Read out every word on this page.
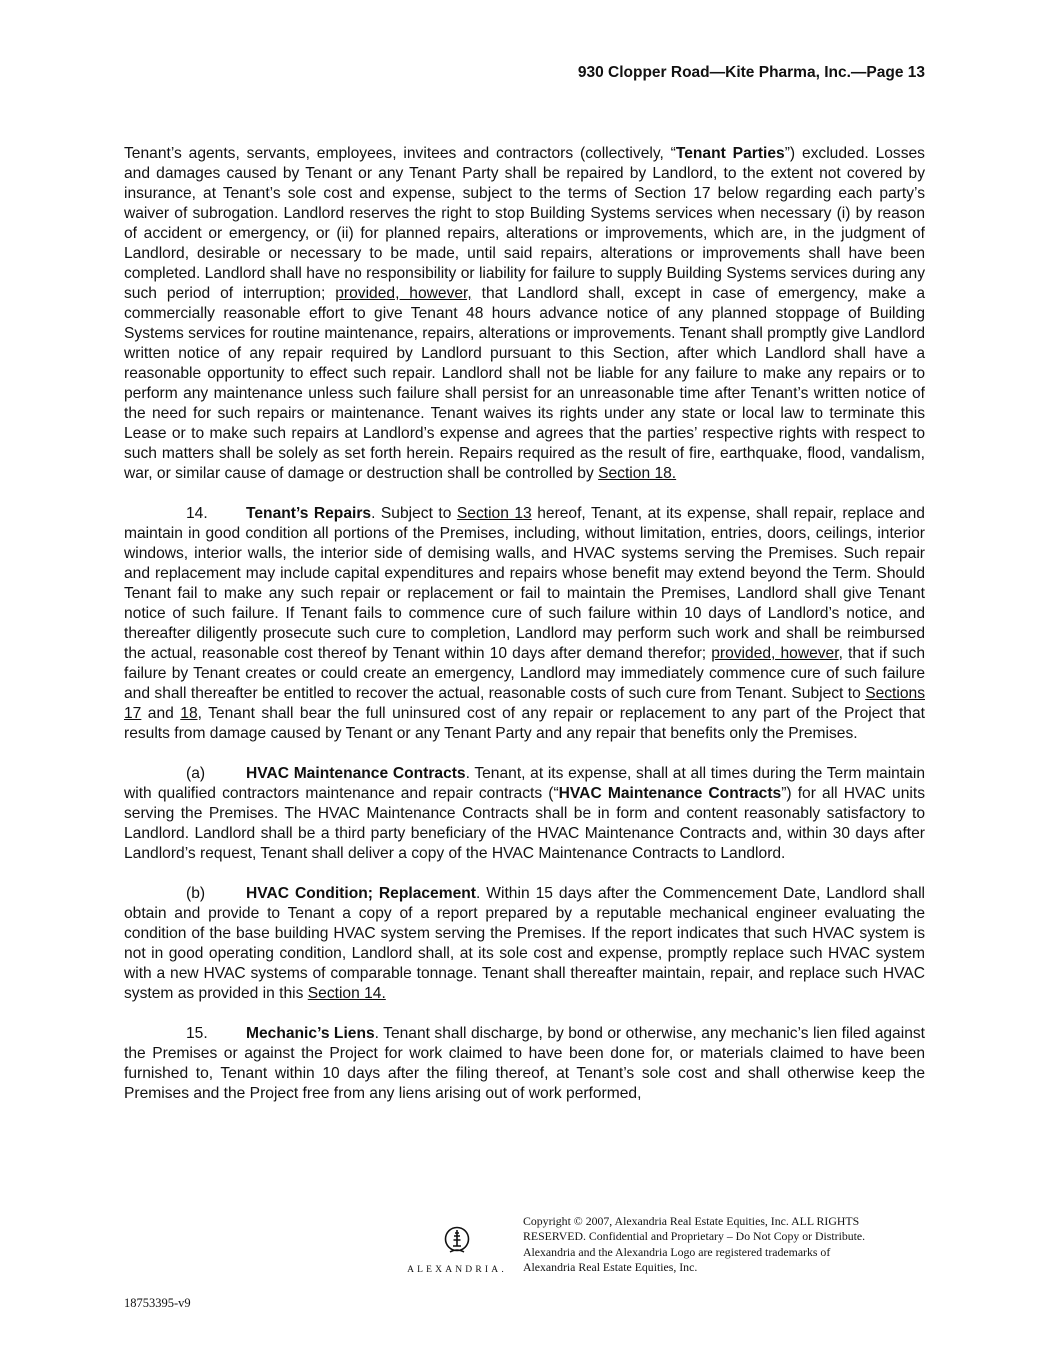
930 Clopper Road—Kite Pharma, Inc.—Page 13

Tenant’s agents, servants, employees, invitees and contractors (collectively, “Tenant Parties”) excluded. Losses and damages caused by Tenant or any Tenant Party shall be repaired by Landlord, to the extent not covered by insurance, at Tenant’s sole cost and expense, subject to the terms of Section 17 below regarding each party’s waiver of subrogation. Landlord reserves the right to stop Building Systems services when necessary (i) by reason of accident or emergency, or (ii) for planned repairs, alterations or improvements, which are, in the judgment of Landlord, desirable or necessary to be made, until said repairs, alterations or improvements shall have been completed. Landlord shall have no responsibility or liability for failure to supply Building Systems services during any such period of interruption; provided, however, that Landlord shall, except in case of emergency, make a commercially reasonable effort to give Tenant 48 hours advance notice of any planned stoppage of Building Systems services for routine maintenance, repairs, alterations or improvements. Tenant shall promptly give Landlord written notice of any repair required by Landlord pursuant to this Section, after which Landlord shall have a reasonable opportunity to effect such repair. Landlord shall not be liable for any failure to make any repairs or to perform any maintenance unless such failure shall persist for an unreasonable time after Tenant’s written notice of the need for such repairs or maintenance. Tenant waives its rights under any state or local law to terminate this Lease or to make such repairs at Landlord’s expense and agrees that the parties’ respective rights with respect to such matters shall be solely as set forth herein. Repairs required as the result of fire, earthquake, flood, vandalism, war, or similar cause of damage or destruction shall be controlled by Section 18.

14. Tenant’s Repairs. Subject to Section 13 hereof, Tenant, at its expense, shall repair, replace and maintain in good condition all portions of the Premises, including, without limitation, entries, doors, ceilings, interior windows, interior walls, the interior side of demising walls, and HVAC systems serving the Premises. Such repair and replacement may include capital expenditures and repairs whose benefit may extend beyond the Term. Should Tenant fail to make any such repair or replacement or fail to maintain the Premises, Landlord shall give Tenant notice of such failure. If Tenant fails to commence cure of such failure within 10 days of Landlord’s notice, and thereafter diligently prosecute such cure to completion, Landlord may perform such work and shall be reimbursed the actual, reasonable cost thereof by Tenant within 10 days after demand therefor; provided, however, that if such failure by Tenant creates or could create an emergency, Landlord may immediately commence cure of such failure and shall thereafter be entitled to recover the actual, reasonable costs of such cure from Tenant. Subject to Sections 17 and 18, Tenant shall bear the full uninsured cost of any repair or replacement to any part of the Project that results from damage caused by Tenant or any Tenant Party and any repair that benefits only the Premises.

(a)	HVAC Maintenance Contracts. Tenant, at its expense, shall at all times during the Term maintain with qualified contractors maintenance and repair contracts (“HVAC Maintenance Contracts”) for all HVAC units serving the Premises. The HVAC Maintenance Contracts shall be in form and content reasonably satisfactory to Landlord. Landlord shall be a third party beneficiary of the HVAC Maintenance Contracts and, within 30 days after Landlord’s request, Tenant shall deliver a copy of the HVAC Maintenance Contracts to Landlord.

(b)	HVAC Condition; Replacement. Within 15 days after the Commencement Date, Landlord shall obtain and provide to Tenant a copy of a report prepared by a reputable mechanical engineer evaluating the condition of the base building HVAC system serving the Premises. If the report indicates that such HVAC system is not in good operating condition, Landlord shall, at its sole cost and expense, promptly replace such HVAC system with a new HVAC systems of comparable tonnage. Tenant shall thereafter maintain, repair, and replace such HVAC system as provided in this Section 14.

15. Mechanic’s Liens. Tenant shall discharge, by bond or otherwise, any mechanic’s lien filed against the Premises or against the Project for work claimed to have been done for, or materials claimed to have been furnished to, Tenant within 10 days after the filing thereof, at Tenant’s sole cost and shall otherwise keep the Premises and the Project free from any liens arising out of work performed,

ALEXANDRIA.
Copyright © 2007, Alexandria Real Estate Equities, Inc. ALL RIGHTS RESERVED. Confidential and Proprietary – Do Not Copy or Distribute. Alexandria and the Alexandria Logo are registered trademarks of Alexandria Real Estate Equities, Inc.
18753395-v9
